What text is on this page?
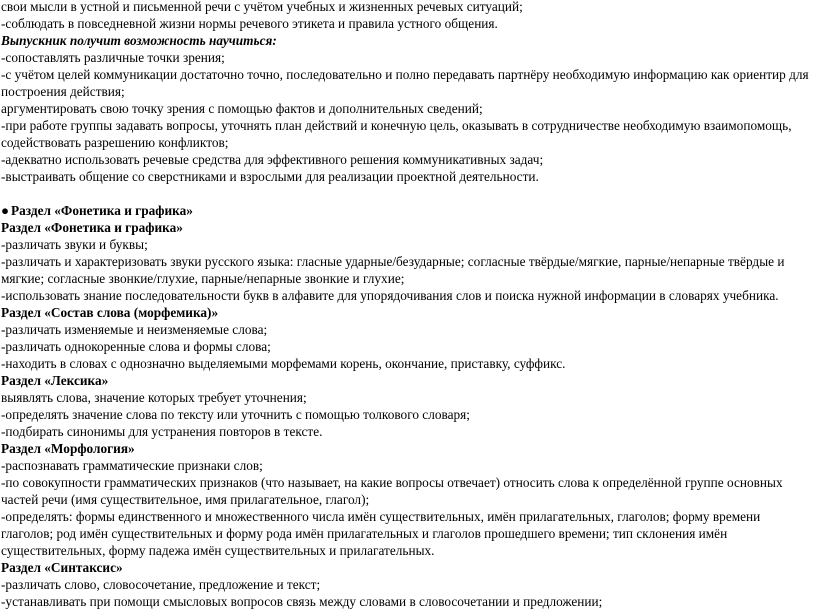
свои мысли в устной и письменной речи с учётом учебных и жизненных речевых ситуаций;

-соблюдать в повседневной жизни нормы речевого этикета и правила устного общения.

Выпускник получит возможность научиться:

-сопоставлять различные точки зрения;

-с учётом целей коммуникации достаточно точно, последовательно и полно передавать партнёру необходимую информацию как ориентир для построения действия;

аргументировать свою точку зрения с помощью фактов и дополнительных сведений;

-при работе группы задавать вопросы, уточнять план действий и конечную цель, оказывать в сотрудничестве необходимую взаимопомощь, содействовать разрешению конфликтов;

-адекватно использовать речевые средства для эффективного решения коммуникативных задач;

-выстраивать общение со сверстниками и взрослыми для реализации проектной деятельности.

● Раздел «Фонетика и графика»

Раздел «Фонетика и графика»

-различать звуки и буквы;

-различать и характеризовать звуки русского языка: гласные ударные/безударные; согласные твёрдые/мягкие, парные/непарные твёрдые и мягкие; согласные звонкие/глухие, парные/непарные звонкие и глухие;

-использовать знание последовательности букв в алфавите для упорядочивания слов и поиска нужной информации в словарях учебника.

Раздел «Состав слова (морфемика)»

-различать изменяемые и неизменяемые слова;

-различать однокоренные слова и формы слова;

-находить в словах с однозначно выделяемыми морфемами корень, окончание, приставку, суффикс.

Раздел «Лексика»

выявлять слова, значение которых требует уточнения;

-определять значение слова по тексту или уточнить с помощью толкового словаря;

-подбирать синонимы для устранения повторов в тексте.

Раздел «Морфология»

-распознавать грамматические признаки слов;

-по совокупности грамматических признаков (что называет, на какие вопросы отвечает) относить слова к определённой группе основных частей речи (имя существительное, имя прилагательное, глагол);

-определять: формы единственного и множественного числа имён существительных, имён прилагательных, глаголов; форму времени глаголов; род имён существительных и форму рода имён прилагательных и глаголов прошедшего времени; тип склонения имён существительных, форму падежа имён существительных и прилагательных.

Раздел «Синтаксис»

-различать слово, словосочетание, предложение и текст;

-устанавливать при помощи смысловых вопросов связь между словами в словосочетании и предложении;
